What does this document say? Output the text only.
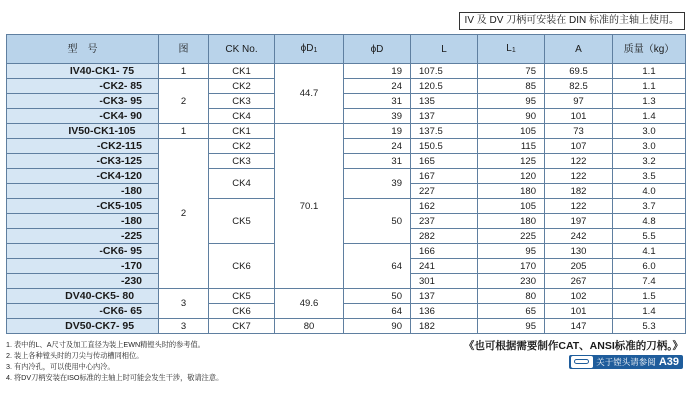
IV 及 DV 刀柄可安装在 DIN 标准的主轴上使用。
型　号	图	CK No.	ϕD1	ϕD	L	L1	A	质量（kg）
IV40-CK1- 75	1	CK1	44.7	19	107.5	75	69.5	1.1
-CK2- 85	2	CK2		24	120.5	85	82.5	1.1
-CK3- 95		CK3		31	135	95	97	1.3
-CK4- 90		CK4		39	137	90	101	1.4
IV50-CK1-105	1	CK1	70.1	19	137.5	105	73	3.0
-CK2-115	2	CK2		24	150.5	115	107	3.0
-CK3-125		CK3		31	165	125	122	3.2
-CK4-120		CK4		39	167	120	122	3.5
-180					227	180	182	4.0
-CK5-105		CK5		50	162	105	122	3.7
-180					237	180	197	4.8
-225					282	225	242	5.5
-CK6- 95		CK6		64	166	95	130	4.1
-170					241	170	205	6.0
-230					301	230	267	7.4
DV40-CK5- 80	3	CK5	49.6	50	137	80	102	1.5
-CK6- 65		CK6		64	136	65	101	1.4
DV50-CK7- 95	3	CK7	80	90	182	95	147	5.3
1. 表中的L、A尺寸及加工直径为装上EWN精镗头时的参考值。
2. 装上各种镗头时的刀尖与传动槽同相位。
3. 有内冷孔，可以使用中心内冷。
4. 将DV刀柄安装在ISO标准的主轴上时可能会发生干涉，敬请注意。
《也可根据需要制作CAT、ANSI标准的刀柄。》
关于镗头请参阅 A39
